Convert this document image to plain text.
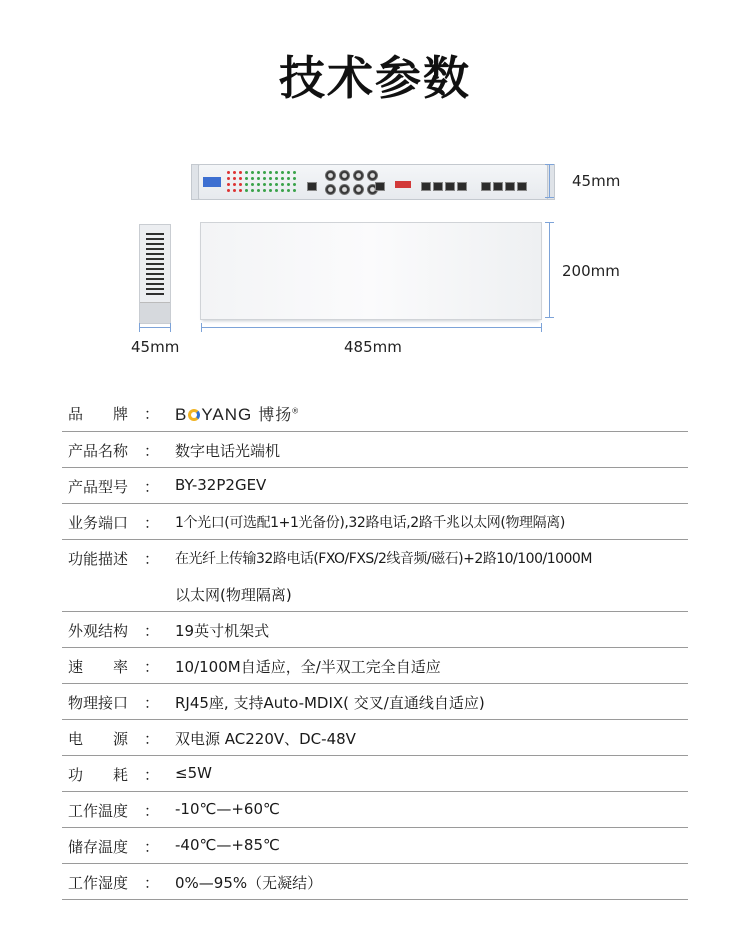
技术参数
45mm
200mm
45mm	485mm
品　　牌 ： B YANG 博扬®
产品名称 ： 数字电话光端机
产品型号 ： BY-32P2GEV
业务端口 ： 1个光口(可选配1+1光备份),32路电话,2路千兆以太网(物理隔离)
功能描述 ： 在光纤上传输32路电话(FXO/FXS/2线音频/磁石)+2路10/100/1000M
以太网(物理隔离)
外观结构 ： 19英寸机架式
速　　率 ： 10/100M自适应，全/半双工完全自适应
物理接口 ： RJ45座, 支持Auto-MDIX( 交叉/直通线自适应)
电　　源 ： 双电源 AC220V、DC-48V
功　　耗 ： ≤5W
工作温度 ： -10℃—+60℃
储存温度 ： -40℃—+85℃
工作湿度 ： 0%—95%（无凝结）
